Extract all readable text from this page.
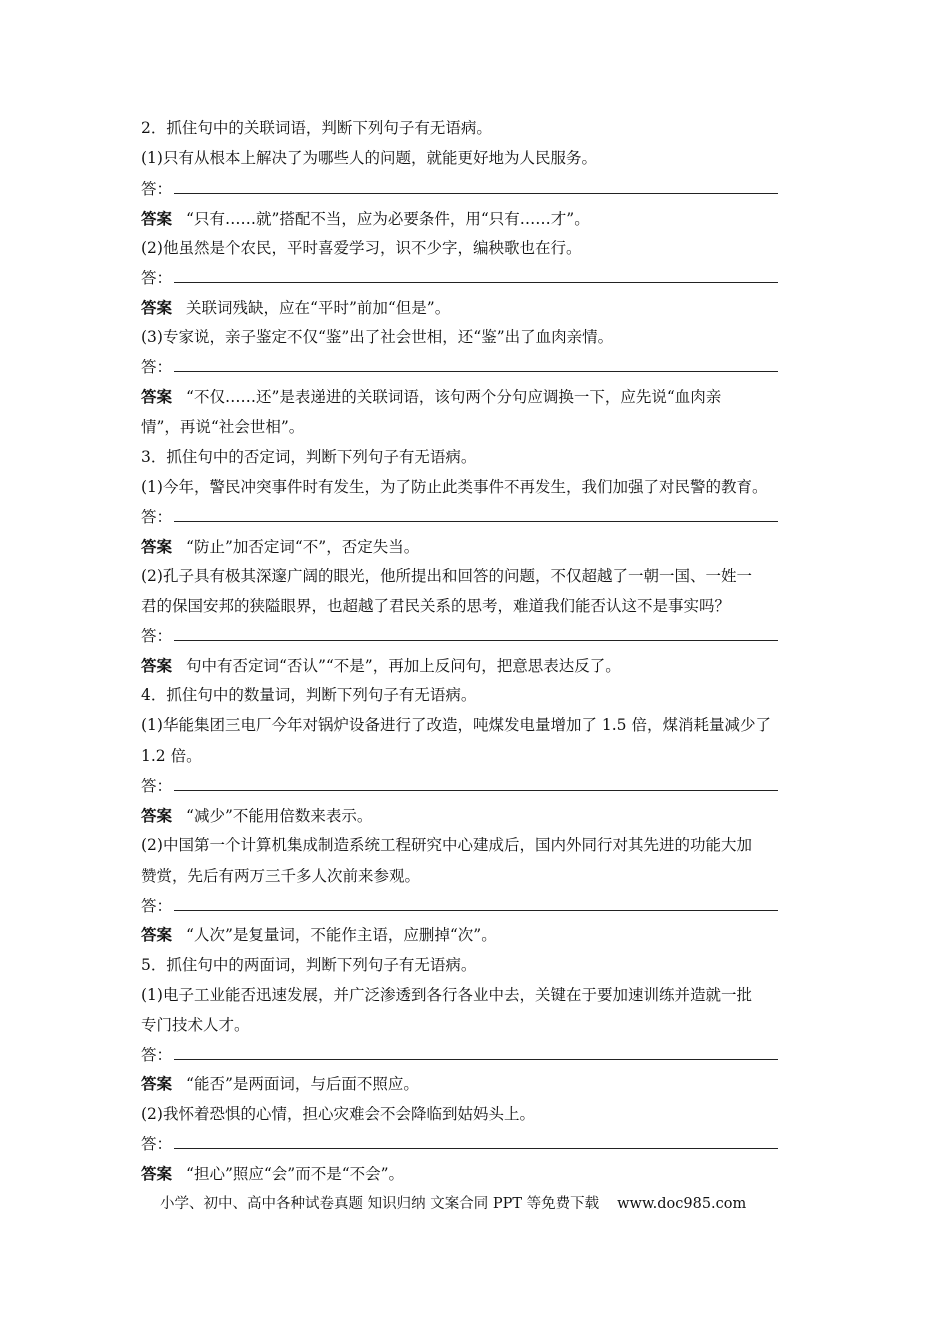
2．抓住句中的关联词语，判断下列句子有无语病。
(1)只有从根本上解决了为哪些人的问题，就能更好地为人民服务。
答：
答案 “只有……就”搭配不当，应为必要条件，用“只有……才”。
(2)他虽然是个农民，平时喜爱学习，识不少字，编秧歌也在行。
答：
答案 关联词残缺，应在“平时”前加“但是”。
(3)专家说，亲子鉴定不仅“鉴”出了社会世相，还“鉴”出了血肉亲情。
答：
答案 “不仅……还”是表递进的关联词语，该句两个分句应调换一下，应先说“血肉亲
情”，再说“社会世相”。
3．抓住句中的否定词，判断下列句子有无语病。
(1)今年，警民冲突事件时有发生，为了防止此类事件不再发生，我们加强了对民警的教育。
答：
答案 “防止”加否定词“不”，否定失当。
(2)孔子具有极其深邃广阔的眼光，他所提出和回答的问题，不仅超越了一朝一国、一姓一
君的保国安邦的狭隘眼界，也超越了君民关系的思考，难道我们能否认这不是事实吗？
答：
答案 句中有否定词“否认”“不是”，再加上反问句，把意思表达反了。
4．抓住句中的数量词，判断下列句子有无语病。
(1)华能集团三电厂今年对锅炉设备进行了改造，吨煤发电量增加了 1.5 倍，煤消耗量减少了
1.2 倍。
答：
答案 “减少”不能用倍数来表示。
(2)中国第一个计算机集成制造系统工程研究中心建成后，国内外同行对其先进的功能大加
赞赏，先后有两万三千多人次前来参观。
答：
答案 “人次”是复量词，不能作主语，应删掉“次”。
5．抓住句中的两面词，判断下列句子有无语病。
(1)电子工业能否迅速发展，并广泛渗透到各行各业中去，关键在于要加速训练并造就一批
专门技术人才。
答：
答案 “能否”是两面词，与后面不照应。
(2)我怀着恐惧的心情，担心灾难会不会降临到姑妈头上。
答：
答案 “担心”照应“会”而不是“不会”。
小学、初中、高中各种试卷真题 知识归纳 文案合同 PPT 等免费下载 www.doc985.com
